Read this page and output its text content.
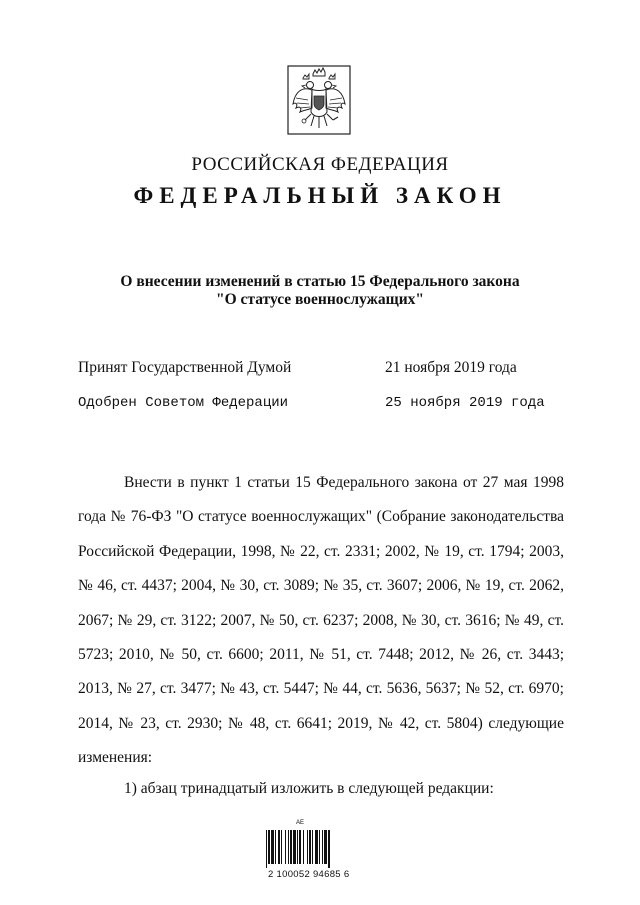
РОССИЙСКАЯ ФЕДЕРАЦИЯ
ФЕДЕРАЛЬНЫЙ ЗАКОН
О внесении изменений в статью 15 Федерального закона
"О статусе военнослужащих"
Принят Государственной Думой	21 ноября 2019 года
Одобрен Советом Федерации	25 ноября 2019 года

Внести в пункт 1 статьи 15 Федерального закона от 27 мая 1998 года № 76-ФЗ "О статусе военнослужащих" (Собрание законодательства Российской Федерации, 1998, № 22, ст. 2331; 2002, № 19, ст. 1794; 2003, № 46, ст. 4437; 2004, № 30, ст. 3089; № 35, ст. 3607; 2006, № 19, ст. 2062, 2067; № 29, ст. 3122; 2007, № 50, ст. 6237; 2008, № 30, ст. 3616; № 49, ст. 5723; 2010, № 50, ст. 6600; 2011, № 51, ст. 7448; 2012, № 26, ст. 3443; 2013, № 27, ст. 3477; № 43, ст. 5447; № 44, ст. 5636, 5637; № 52, ст. 6970; 2014, № 23, ст. 2930; № 48, ст. 6641; 2019, № 42, ст. 5804) следующие изменения:

1) абзац тринадцатый изложить в следующей редакции:
АЕ
2 100052 94685 6
